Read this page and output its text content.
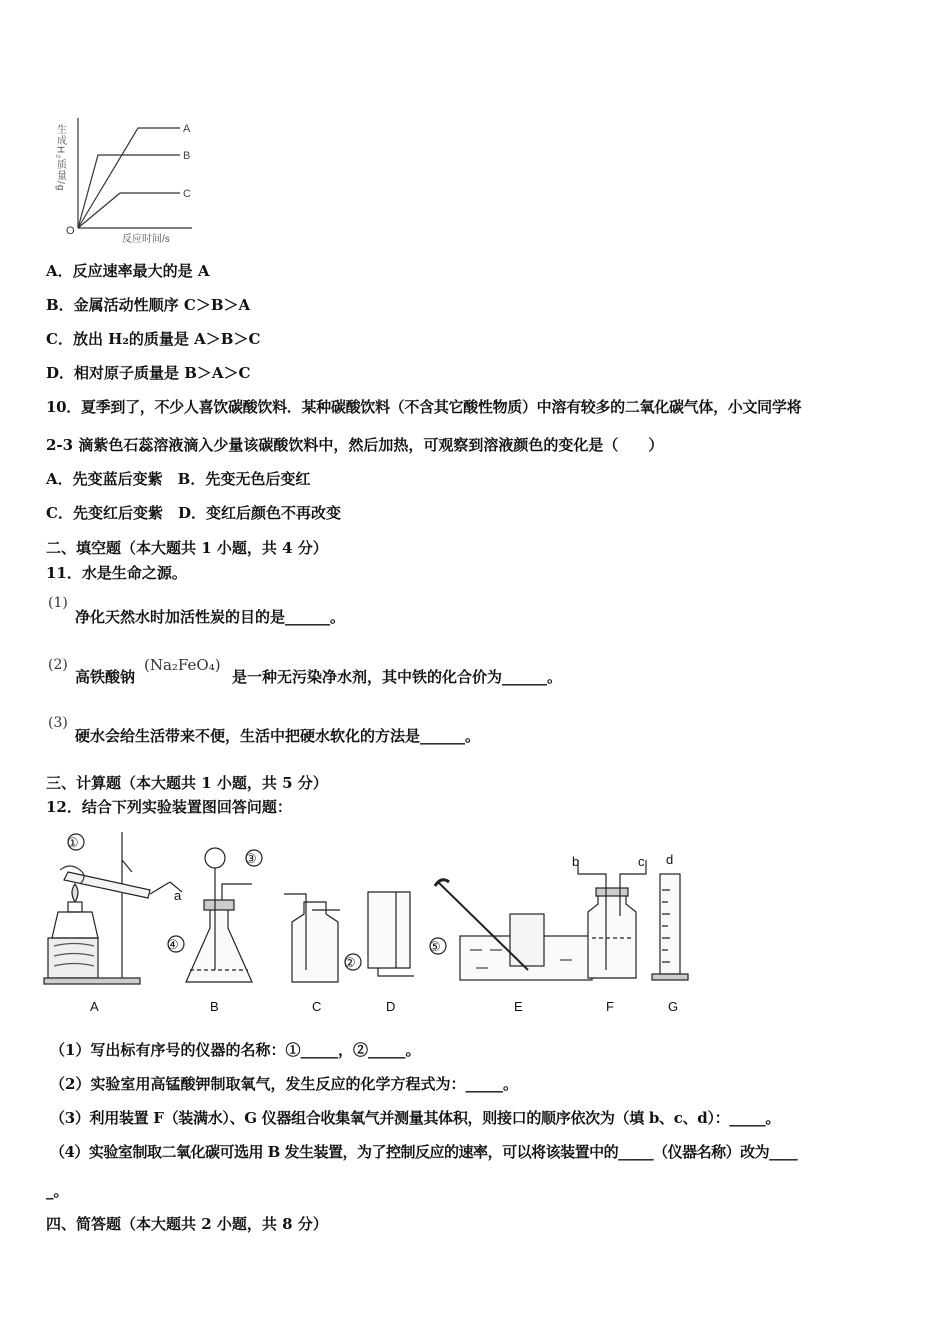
A
B
C
O
反应时间/s
生成H₂质量/g
A．反应速率最大的是 A
B．金属活动性顺序 C＞B＞A
C．放出 H₂的质量是 A＞B＞C
D．相对原子质量是 B＞A＞C
10．夏季到了，不少人喜饮碳酸饮料．某种碳酸饮料（不含其它酸性物质）中溶有较多的二氧化碳气体，小文同学将
2-3 滴紫色石蕊溶液滴入少量该碳酸饮料中，然后加热，可观察到溶液颜色的变化是（　　）
A．先变蓝后变紫　B．先变无色后变红
C．先变红后变紫　D．变红后颜色不再改变
二、填空题（本大题共 1 小题，共 4 分）
11．水是生命之源。
(1)
净化天然水时加活性炭的目的是______。
(2)
高铁酸钠
(Na₂FeO₄)
是一种无污染净水剂，其中铁的化合价为______。
(3)
硬水会给生活带来不便，生活中把硬水软化的方法是______。
三、计算题（本大题共 1 小题，共 5 分）
12．结合下列实验装置图回答问题：
①
③
②
④	⑤
a
b	c d
A	B	C	D	E	F	G
（1）写出标有序号的仪器的名称：①_____，②_____。
（2）实验室用高锰酸钾制取氧气，发生反应的化学方程式为：_____。
（3）利用装置 F（装满水）、G 仪器组合收集氧气并测量其体积，则接口的顺序依次为（填 b、c、d）：_____。
（4）实验室制取二氧化碳可选用 B 发生装置，为了控制反应的速率，可以将该装置中的_____（仪器名称）改为____
_。
四、简答题（本大题共 2 小题，共 8 分）
